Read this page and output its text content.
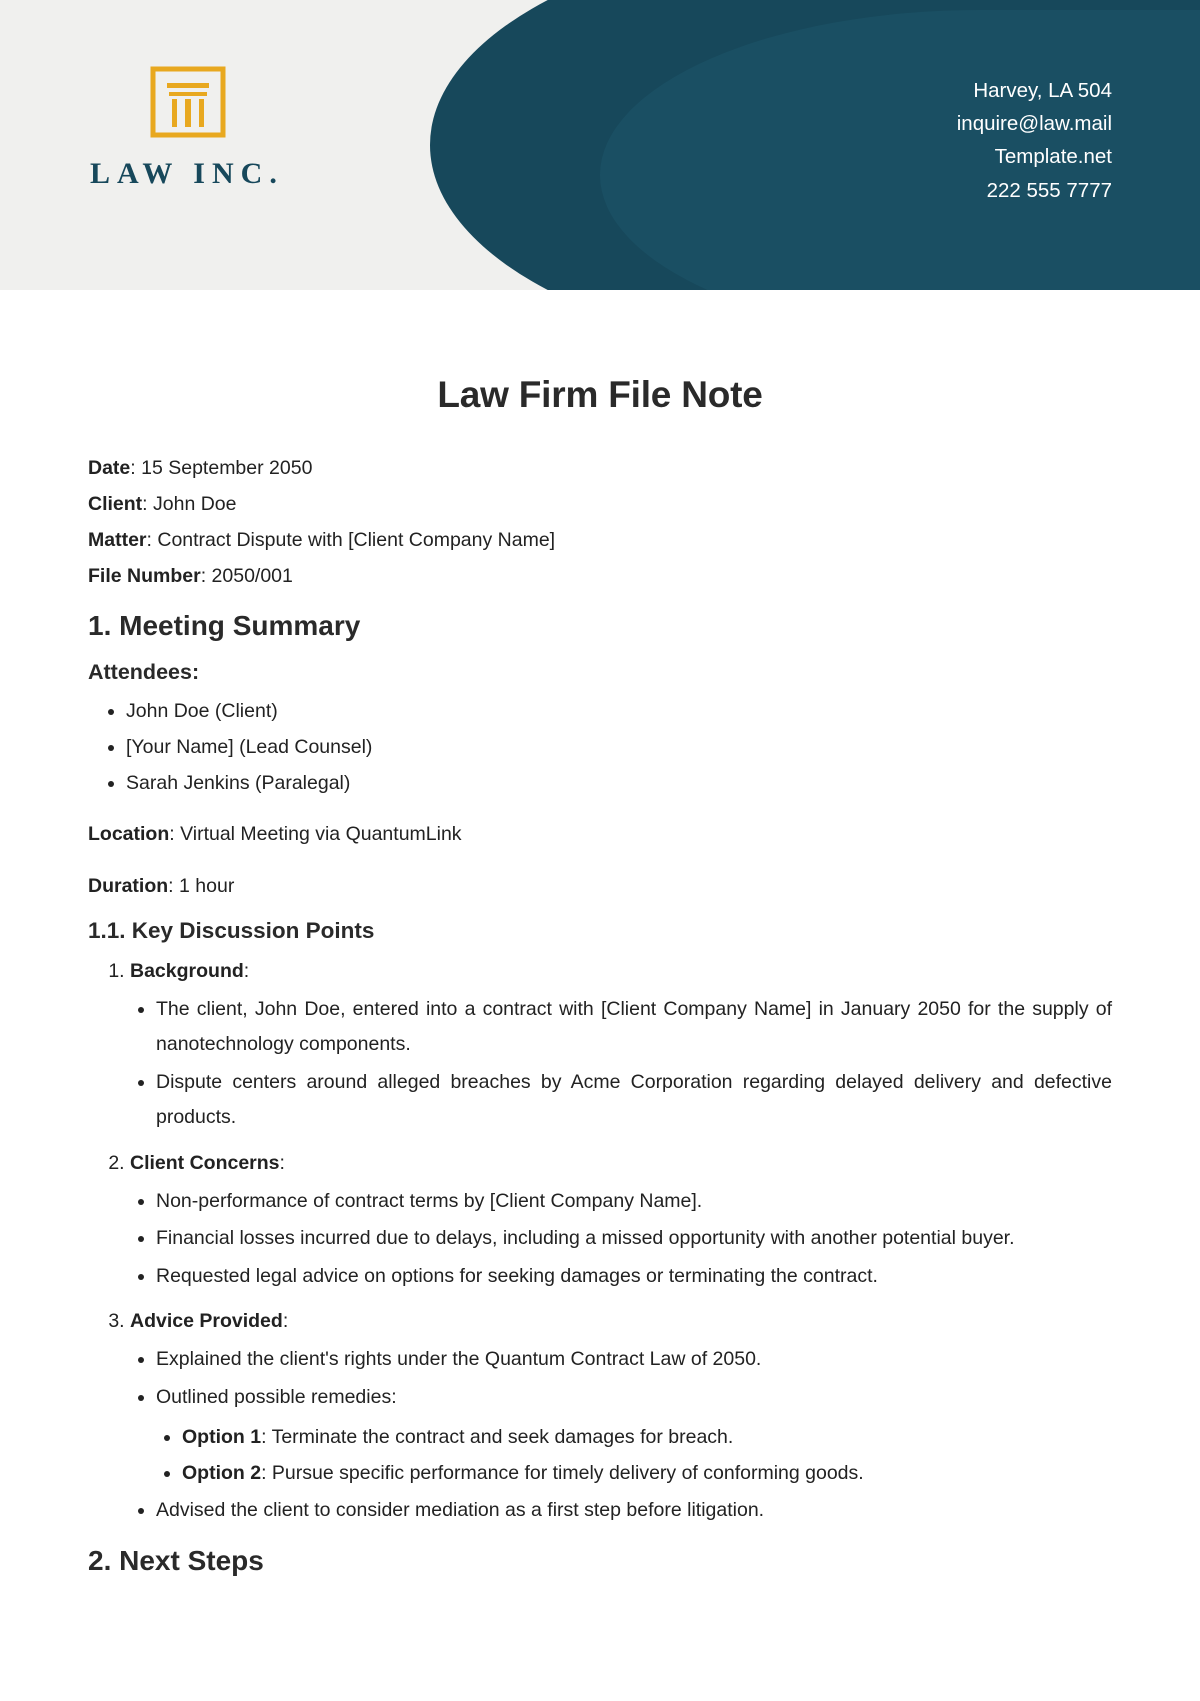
LAW INC.
Harvey, LA 504
inquire@law.mail
Template.net
222 555 7777
Law Firm File Note
Date: 15 September 2050
Client: John Doe
Matter: Contract Dispute with [Client Company Name]
File Number: 2050/001
1. Meeting Summary
Attendees:
• John Doe (Client)
• [Your Name] (Lead Counsel)
• Sarah Jenkins (Paralegal)

Location: Virtual Meeting via QuantumLink

Duration: 1 hour

1.1. Key Discussion Points
1. Background:
• The client, John Doe, entered into a contract with [Client Company Name] in January 2050 for the supply of nanotechnology components.
• Dispute centers around alleged breaches by Acme Corporation regarding delayed delivery and defective products.
2. Client Concerns:
• Non-performance of contract terms by [Client Company Name].
• Financial losses incurred due to delays, including a missed opportunity with another potential buyer.
• Requested legal advice on options for seeking damages or terminating the contract.
3. Advice Provided:
• Explained the client's rights under the Quantum Contract Law of 2050.
• Outlined possible remedies:
• Option 1: Terminate the contract and seek damages for breach.
• Option 2: Pursue specific performance for timely delivery of conforming goods.
• Advised the client to consider mediation as a first step before litigation.
2. Next Steps
